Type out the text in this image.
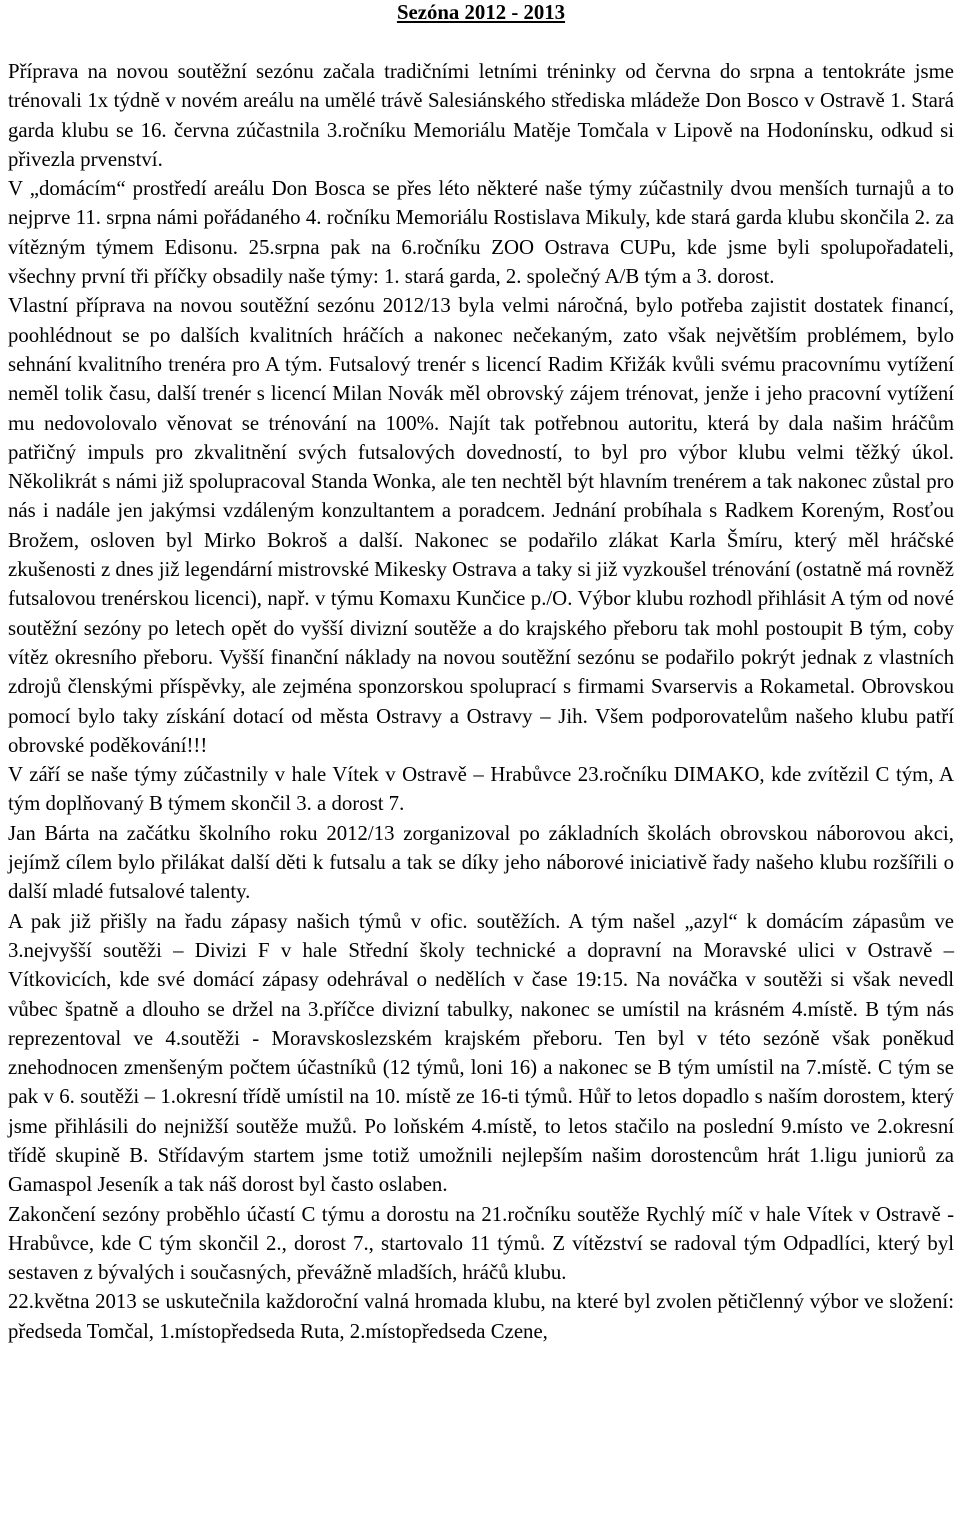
Sezóna 2012 - 2013

Příprava na novou soutěžní sezónu začala tradičními letními tréninky od června do srpna a tentokráte jsme trénovali 1x týdně v novém areálu na umělé trávě Salesiánského střediska mládeže Don Bosco v Ostravě 1. Stará garda klubu se 16. června zúčastnila 3.ročníku Memoriálu Matěje Tomčala v Lipově na Hodonínsku, odkud si přivezla prvenství.

V „domácím“ prostředí areálu Don Bosca se přes léto některé naše týmy zúčastnily dvou menších turnajů a to nejprve 11. srpna námi pořádaného 4. ročníku Memoriálu Rostislava Mikuly, kde stará garda klubu skončila 2. za vítězným týmem Edisonu. 25.srpna pak na 6.ročníku ZOO Ostrava CUPu, kde jsme byli spolupořadateli, všechny první tři příčky obsadily naše týmy: 1. stará garda, 2. společný A/B tým a 3. dorost.

Vlastní příprava na novou soutěžní sezónu 2012/13 byla velmi náročná, bylo potřeba zajistit dostatek financí, poohlédnout se po dalších kvalitních hráčích a nakonec nečekaným, zato však největším problémem, bylo sehnání kvalitního trenéra pro A tým. Futsalový trenér s licencí Radim Křižák kvůli svému pracovnímu vytížení neměl tolik času, další trenér s licencí Milan Novák měl obrovský zájem trénovat, jenže i jeho pracovní vytížení mu nedovolovalo věnovat se trénování na 100%. Najít tak potřebnou autoritu, která by dala našim hráčům patřičný impuls pro zkvalitnění svých futsalových dovedností, to byl pro výbor klubu velmi těžký úkol. Několikrát s námi již spolupracoval Standa Wonka, ale ten nechtěl být hlavním trenérem a tak nakonec zůstal pro nás i nadále jen jakýmsi vzdáleným konzultantem a poradcem. Jednání probíhala s Radkem Koreným, Rosťou Brožem, osloven byl Mirko Bokroš a další. Nakonec se podařilo zlákat Karla Šmíru, který měl hráčské zkušenosti z dnes již legendární mistrovské Mikesky Ostrava a taky si již vyzkoušel trénování (ostatně má rovněž futsalovou trenérskou licenci), např. v týmu Komaxu Kunčice p./O. Výbor klubu rozhodl přihlásit A tým od nové soutěžní sezóny po letech opět do vyšší divizní soutěže a do krajského přeboru tak mohl postoupit B tým, coby vítěz okresního přeboru. Vyšší finanční náklady na novou soutěžní sezónu se podařilo pokrýt jednak z vlastních zdrojů členskými příspěvky, ale zejména sponzorskou spoluprací s firmami Svarservis a Rokametal. Obrovskou pomocí bylo taky získání dotací od města Ostravy a Ostravy – Jih. Všem podporovatelům našeho klubu patří obrovské poděkování!!!

V září se naše týmy zúčastnily v hale Vítek v Ostravě – Hrabůvce 23.ročníku DIMAKO, kde zvítězil C tým, A tým doplňovaný B týmem skončil 3. a dorost 7.

Jan Bárta na začátku školního roku 2012/13 zorganizoval po základních školách obrovskou náborovou akci, jejímž cílem bylo přilákat další děti k futsalu a tak se díky jeho náborové iniciativě řady našeho klubu rozšířili o další mladé futsalové talenty.

A pak již přišly na řadu zápasy našich týmů v ofic. soutěžích. A tým našel „azyl“ k domácím zápasům ve 3.nejvyšší soutěži – Divizi F v hale Střední školy technické a dopravní na Moravské ulici v Ostravě – Vítkovicích, kde své domácí zápasy odehrával o nedělích v čase 19:15. Na nováčka v soutěži si však nevedl vůbec špatně a dlouho se držel na 3.příčce divizní tabulky, nakonec se umístil na krásném 4.místě. B tým nás reprezentoval ve 4.soutěži - Moravskoslezském krajském přeboru. Ten byl v této sezóně však poněkud znehodnocen zmenšeným počtem účastníků (12 týmů, loni 16) a nakonec se B tým umístil na 7.místě. C tým se pak v 6. soutěži – 1.okresní třídě umístil na 10. místě ze 16-ti týmů. Hůř to letos dopadlo s naším dorostem, který jsme přihlásili do nejnižší soutěže mužů. Po loňském 4.místě, to letos stačilo na poslední 9.místo ve 2.okresní třídě skupině B. Střídavým startem jsme totiž umožnili nejlepším našim dorostencům hrát 1.ligu juniorů za Gamaspol Jeseník a tak náš dorost byl často oslaben.

Zakončení sezóny proběhlo účastí C týmu a dorostu na 21.ročníku soutěže Rychlý míč v hale Vítek v Ostravě - Hrabůvce, kde C tým skončil 2., dorost 7., startovalo 11 týmů. Z vítězství se radoval tým Odpadlíci, který byl sestaven z bývalých i současných, převážně mladších, hráčů klubu.

22.května 2013 se uskutečnila každoroční valná hromada klubu, na které byl zvolen pětičlenný výbor ve složení: předseda Tomčal, 1.místopředseda Ruta, 2.místopředseda Czene,
